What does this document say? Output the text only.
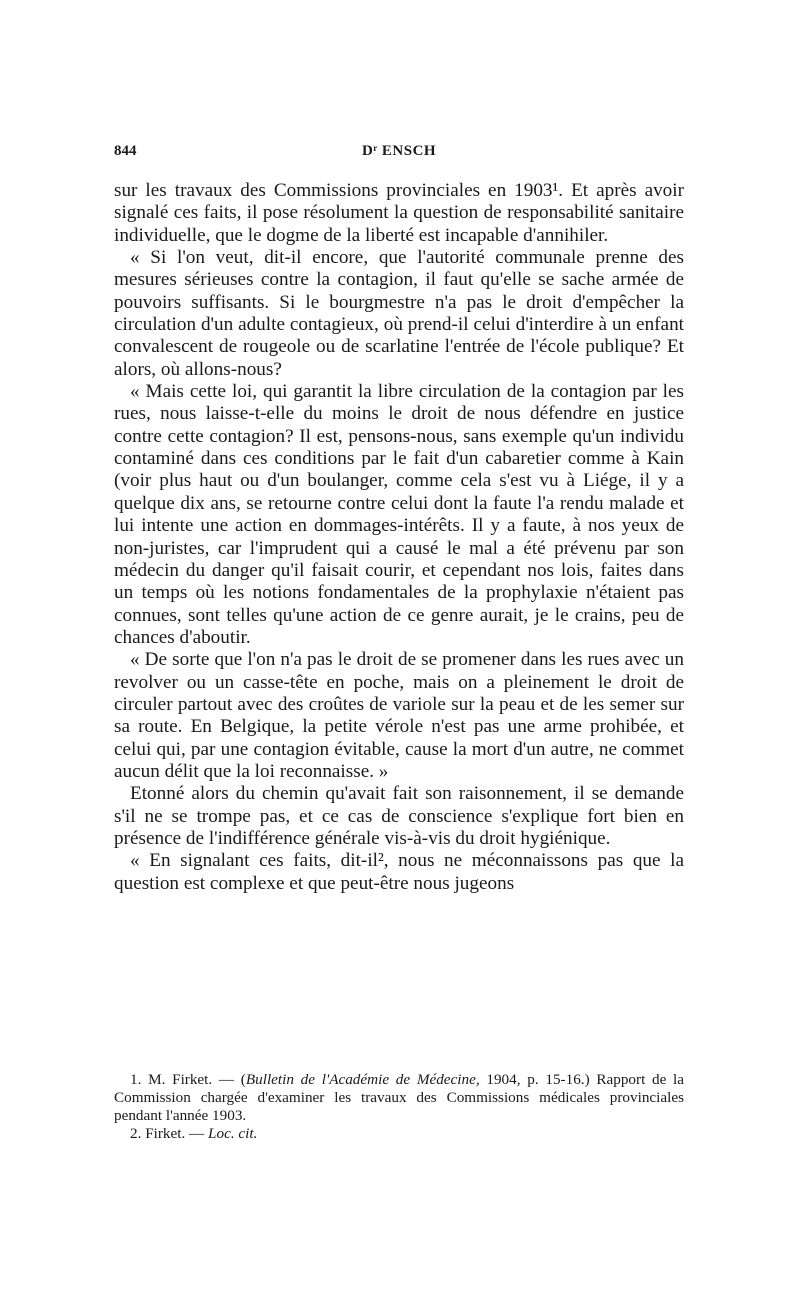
844	Dʳ ENSCH

sur les travaux des Commissions provinciales en 1903¹. Et après avoir signalé ces faits, il pose résolument la question de responsabilité sanitaire individuelle, que le dogme de la liberté est incapable d'annihiler.

« Si l'on veut, dit-il encore, que l'autorité communale prenne des mesures sérieuses contre la contagion, il faut qu'elle se sache armée de pouvoirs suffisants. Si le bourgmestre n'a pas le droit d'empêcher la circulation d'un adulte contagieux, où prend-il celui d'interdire à un enfant convalescent de rougeole ou de scarlatine l'entrée de l'école publique? Et alors, où allons-nous?

« Mais cette loi, qui garantit la libre circulation de la contagion par les rues, nous laisse-t-elle du moins le droit de nous défendre en justice contre cette contagion? Il est, pensons-nous, sans exemple qu'un individu contaminé dans ces conditions par le fait d'un cabaretier comme à Kain (voir plus haut ou d'un boulanger, comme cela s'est vu à Liége, il y a quelque dix ans, se retourne contre celui dont la faute l'a rendu malade et lui intente une action en dommages-intérêts. Il y a faute, à nos yeux de non-juristes, car l'imprudent qui a causé le mal a été prévenu par son médecin du danger qu'il faisait courir, et cependant nos lois, faites dans un temps où les notions fondamentales de la prophylaxie n'étaient pas connues, sont telles qu'une action de ce genre aurait, je le crains, peu de chances d'aboutir.

« De sorte que l'on n'a pas le droit de se promener dans les rues avec un revolver ou un casse-tête en poche, mais on a pleinement le droit de circuler partout avec des croûtes de variole sur la peau et de les semer sur sa route. En Belgique, la petite vérole n'est pas une arme prohibée, et celui qui, par une contagion évitable, cause la mort d'un autre, ne commet aucun délit que la loi reconnaisse. »

Etonné alors du chemin qu'avait fait son raisonnement, il se demande s'il ne se trompe pas, et ce cas de conscience s'explique fort bien en présence de l'indifférence générale vis-à-vis du droit hygiénique.

« En signalant ces faits, dit-il², nous ne méconnaissons pas que la question est complexe et que peut-être nous jugeons

1. M. Firket. — (Bulletin de l'Académie de Médecine, 1904, p. 15-16.) Rapport de la Commission chargée d'examiner les travaux des Commissions médicales provinciales pendant l'année 1903.

2. Firket. — Loc. cit.
